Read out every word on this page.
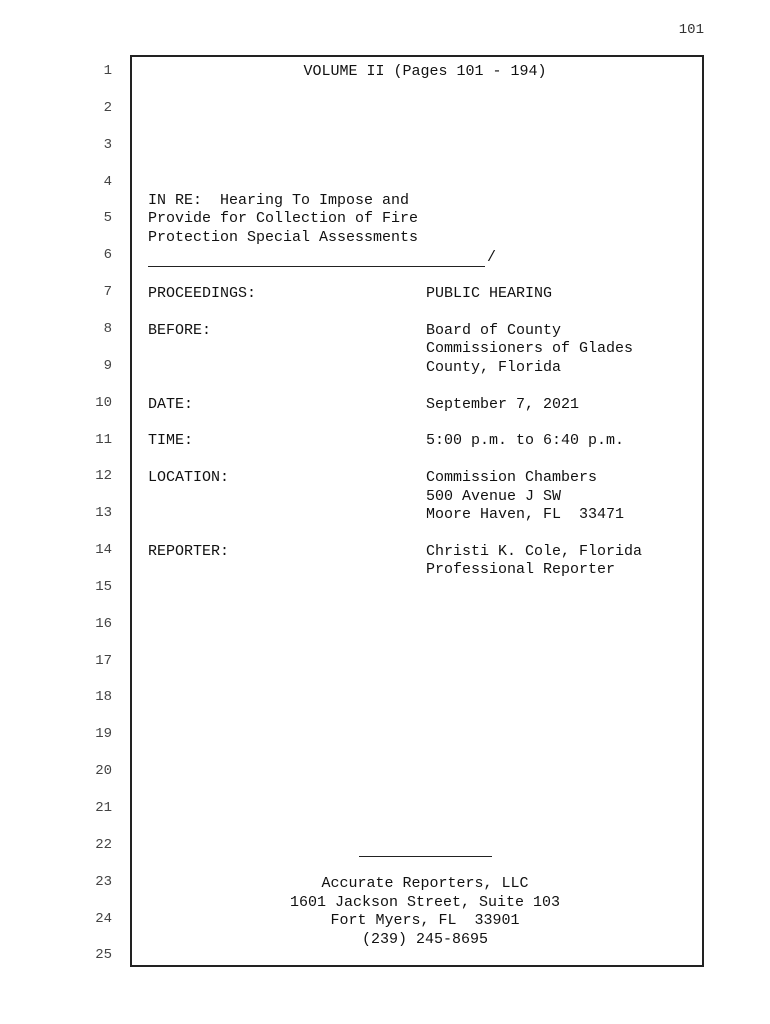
101
1
2
3
4
5
6
7
8
9
10
11
12
13
14
15
16
17
18
19
20
21
22
23
24
25
VOLUME II (Pages 101 - 194)
IN RE:  Hearing To Impose and
Provide for Collection of Fire
Protection Special Assessments
/
PROCEEDINGS:	PUBLIC HEARING
BEFORE:	Board of County
Commissioners of Glades
County, Florida
DATE:	September 7, 2021
TIME:	5:00 p.m. to 6:40 p.m.
LOCATION:	Commission Chambers
500 Avenue J SW
Moore Haven, FL  33471
REPORTER:	Christi K. Cole, Florida
Professional Reporter
Accurate Reporters, LLC
1601 Jackson Street, Suite 103
Fort Myers, FL  33901
(239) 245-8695
